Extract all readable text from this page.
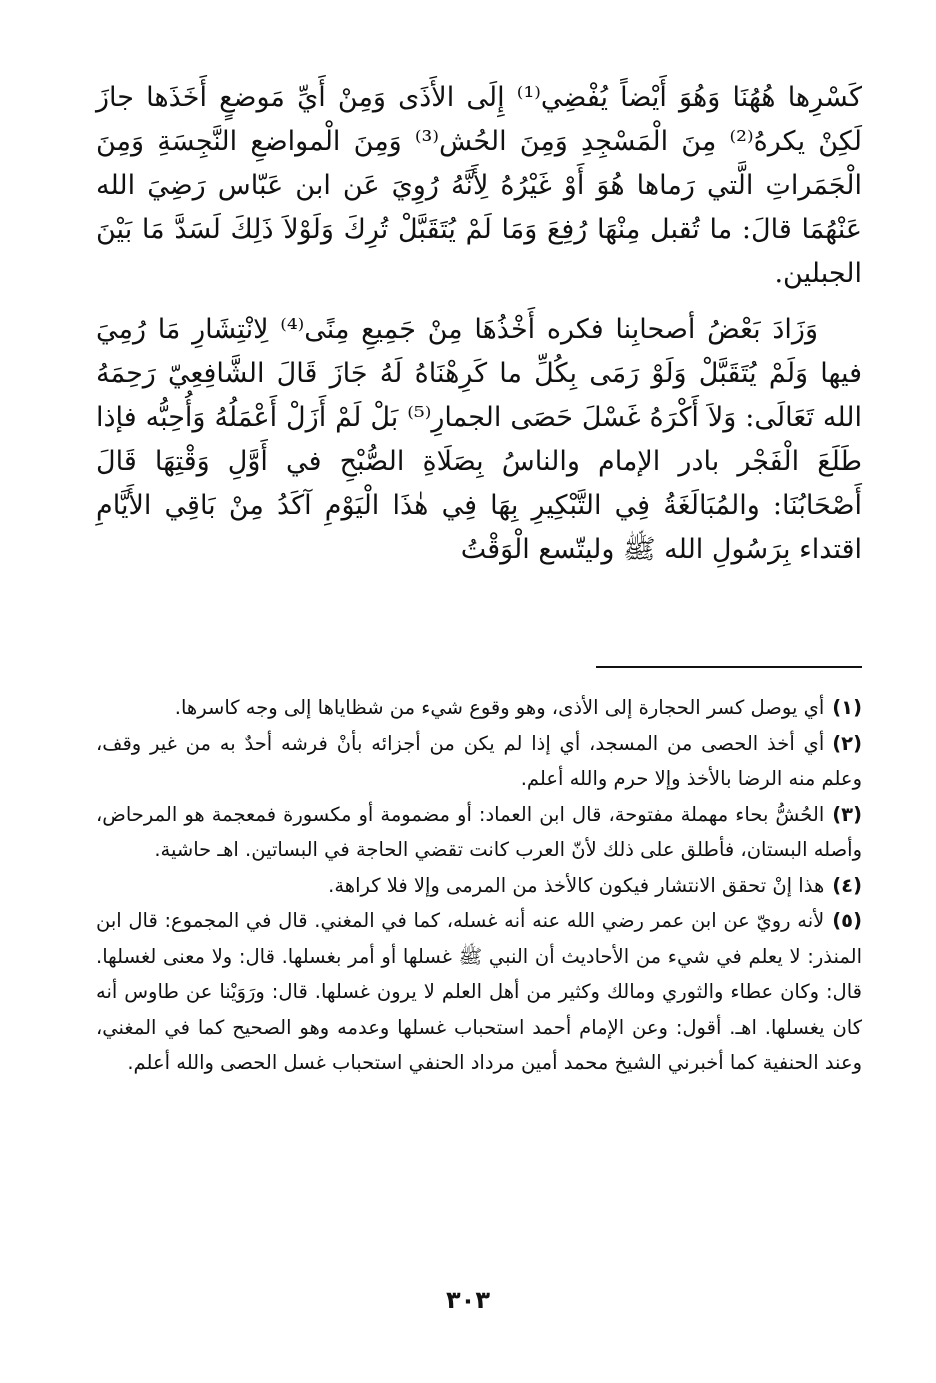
كَسْرِها هُهُنَا وَهُوَ أَيْضاً يُفْضِي⁽¹⁾ إِلَى الأَذَى وَمِنْ أَيِّ مَوضعٍ أَخَذَها جازَ لَكِنْ يكرهُ⁽²⁾ مِنَ الْمَسْجِدِ وَمِنَ الحُش⁽³⁾ وَمِنَ الْمواضعِ النَّجِسَةِ وَمِنَ الْجَمَراتِ الَّتي رَماها هُوَ أَوْ غَيْرُهُ لِأَنَّهُ رُوِيَ عَن ابن عَبّاس رَضِيَ الله عَنْهُمَا قالَ: ما تُقبل مِنْهَا رُفِعَ وَمَا لَمْ يُتَقَبَّلْ تُرِكَ وَلَوْلاَ ذَلِكَ لَسَدَّ مَا بَيْنَ الجبلين.

وَزَادَ بَعْضُ أصحابِنا فكره أَخْذُهَا مِنْ جَمِيعِ مِنًى⁽⁴⁾ لِانْتِشَارِ مَا رُمِيَ فيها وَلَمْ يُتَقَبَّلْ وَلَوْ رَمَى بِكُلِّ ما كَرِهْنَاهُ لَهُ جَازَ قَالَ الشَّافِعِيّ رَحِمَهُ الله تَعَالَى: وَلاَ أَكْرَهُ غَسْلَ حَصَى الجمارِ⁽⁵⁾ بَلْ لَمْ أَزَلْ أَعْمَلُهُ وَأُحِبُّه فإذا طَلَعَ الْفَجْر بادر الإمام والناسُ بِصَلَاةِ الصُّبْحِ في أَوَّلِ وَقْتِهَا قَالَ أَصْحَابُنَا: والمُبَالَغَةُ فِي التَّبْكِيرِ بِهَا فِي هٰذَا الْيَوْمِ آكَدُ مِنْ بَاقِي الأَيَّامِ اقتداء بِرَسُولِ الله ﷺ وليتّسع الْوَقْتُ

(١)أي يوصل كسر الحجارة إلى الأذى، وهو وقوع شيء من شظاياها إلى وجه كاسرها.
(٢)أي أخذ الحصى من المسجد، أي إذا لم يكن من أجزائه بأنْ فرشه أحدٌ به من غير وقف، وعلم منه الرضا بالأخذ وإلا حرم والله أعلم.
(٣)الحُشُّ بحاء مهملة مفتوحة، قال ابن العماد: أو مضمومة أو مكسورة فمعجمة هو المرحاض، وأصله البستان، فأطلق على ذلك لأنّ العرب كانت تقضي الحاجة في البساتين. اهـ حاشية.
(٤)هذا إنْ تحقق الانتشار فيكون كالأخذ من المرمى وإلا فلا كراهة.
(٥)لأنه رويّ عن ابن عمر رضي الله عنه أنه غسله، كما في المغني. قال في المجموع: قال ابن المنذر: لا يعلم في شيء من الأحاديث أن النبي ﷺ غسلها أو أمر بغسلها. قال: ولا معنى لغسلها. قال: وكان عطاء والثوري ومالك وكثير من أهل العلم لا يرون غسلها. قال: ورَوَيْنا عن طاوس أنه كان يغسلها. اهـ. أقول: وعن الإمام أحمد استحباب غسلها وعدمه وهو الصحيح كما في المغني، وعند الحنفية كما أخبرني الشيخ محمد أمين مرداد الحنفي استحباب غسل الحصى والله أعلم.
٣٠٣
